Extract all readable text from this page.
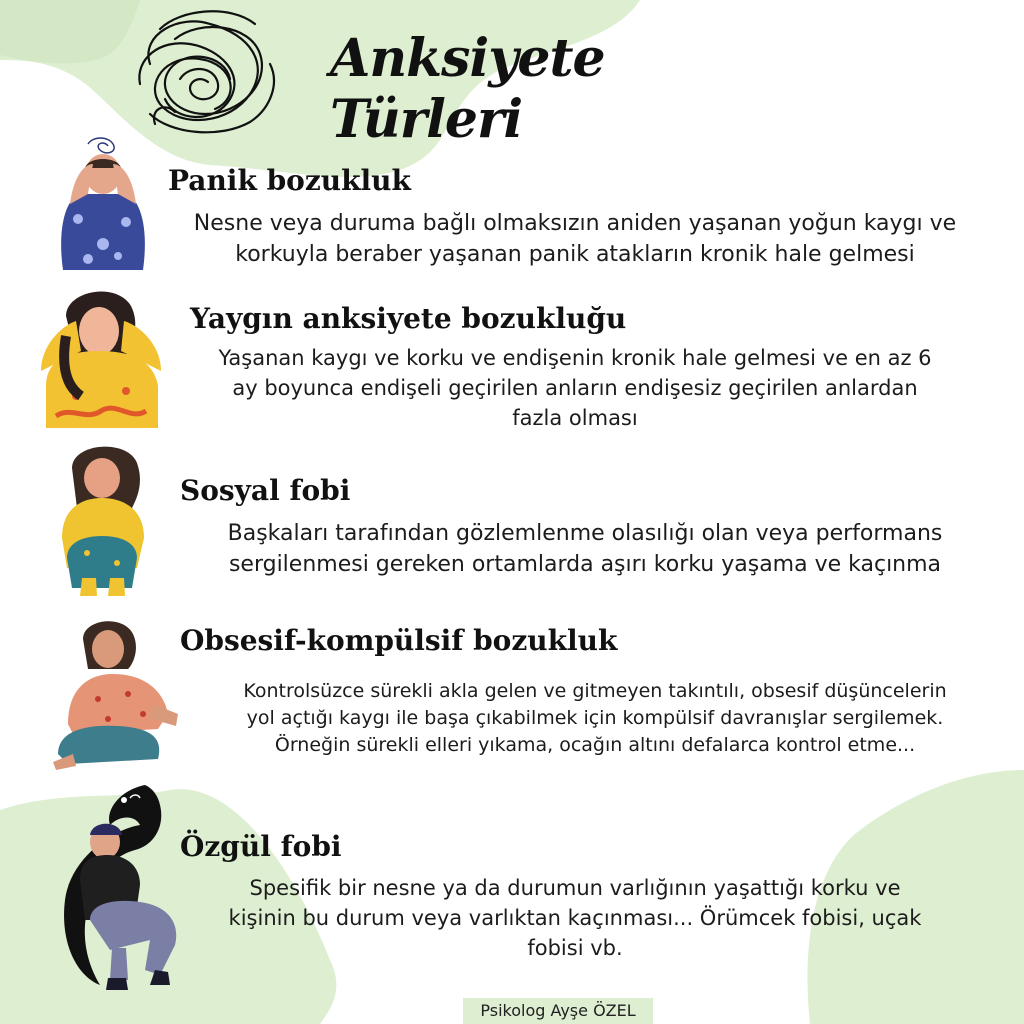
Anksiyete Türleri
Panik bozukluk
Nesne veya duruma bağlı olmaksızın aniden yaşanan yoğun kaygı ve
korkuyla beraber yaşanan panik atakların kronik hale gelmesi
Yaygın anksiyete bozukluğu
Yaşanan kaygı ve korku ve endişenin kronik hale gelmesi ve en az 6
ay boyunca endişeli geçirilen anların endişesiz geçirilen anlardan
fazla olması
Sosyal fobi
Başkaları tarafından gözlemlenme olasılığı olan veya performans
sergilenmesi gereken ortamlarda aşırı korku yaşama ve kaçınma
Obsesif-kompülsif bozukluk
Kontrolsüzce sürekli akla gelen ve gitmeyen takıntılı, obsesif düşüncelerin
yol açtığı kaygı ile başa çıkabilmek için kompülsif davranışlar sergilemek.
Örneğin sürekli elleri yıkama, ocağın altını defalarca kontrol etme...
Özgül fobi
Spesifik bir nesne ya da durumun varlığının yaşattığı korku ve
kişinin bu durum veya varlıktan kaçınması... Örümcek fobisi, uçak
fobisi vb.
Psikolog Ayşe ÖZEL
